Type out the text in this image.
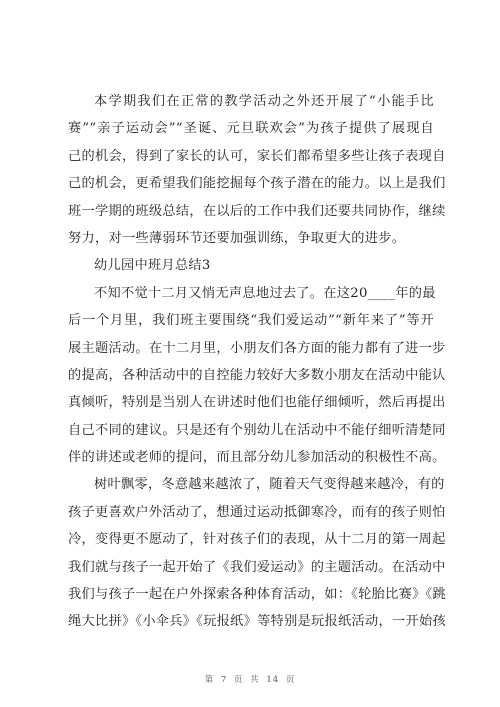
本学期我们在正常的教学活动之外还开展了“小能手比
赛”“亲子运动会”“圣诞、元旦联欢会”为孩子提供了展现自
己的机会，得到了家长的认可，家长们都希望多些让孩子表现自
己的机会，更希望我们能挖掘每个孩子潜在的能力。以上是我们
班一学期的班级总结，在以后的工作中我们还要共同协作，继续
努力，对一些薄弱环节还要加强训练，争取更大的进步。
幼儿园中班月总结3
不知不觉十二月又悄无声息地过去了。在这20____年的最
后一个月里，我们班主要围绕“我们爱运动”“新年来了”等开
展主题活动。在十二月里，小朋友们各方面的能力都有了进一步
的提高，各种活动中的自控能力较好大多数小朋友在活动中能认
真倾听，特别是当别人在讲述时他们也能仔细倾听，然后再提出
自己不同的建议。只是还有个别幼儿在活动中不能仔细听清楚同
伴的讲述或老师的提问，而且部分幼儿参加活动的积极性不高。
树叶飘零，冬意越来越浓了，随着天气变得越来越冷，有的
孩子更喜欢户外活动了，想通过运动抵御寒冷，而有的孩子则怕
冷，变得更不愿动了，针对孩子们的表现，从十二月的第一周起
我们就与孩子一起开始了《我们爱运动》的主题活动。在活动中
我们与孩子一起在户外探索各种体育活动，如：《轮胎比赛》《跳
绳大比拼》《小伞兵》《玩报纸》等特别是玩报纸活动，一开始孩
第 7 页 共 14 页
